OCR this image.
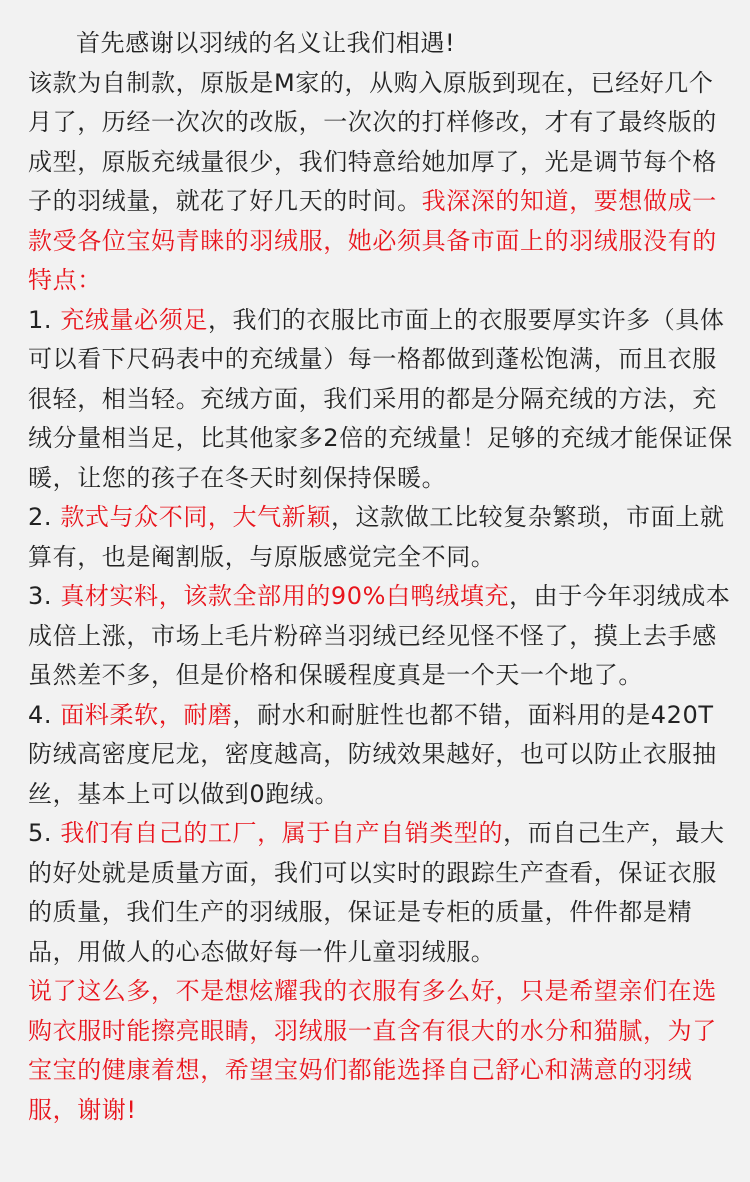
首先感谢以羽绒的名义让我们相遇!

该款为自制款，原版是M家的，从购入原版到现在，已经好几个月了，历经一次次的改版，一次次的打样修改，才有了最终版的成型，原版充绒量很少，我们特意给她加厚了，光是调节每个格子的羽绒量，就花了好几天的时间。我深深的知道，要想做成一款受各位宝妈青睐的羽绒服，她必须具备市面上的羽绒服没有的特点：

1. 充绒量必须足，我们的衣服比市面上的衣服要厚实许多（具体可以看下尺码表中的充绒量）每一格都做到蓬松饱满，而且衣服很轻，相当轻。充绒方面，我们采用的都是分隔充绒的方法，充绒分量相当足，比其他家多2倍的充绒量！足够的充绒才能保证保暖，让您的孩子在冬天时刻保持保暖。

2. 款式与众不同，大气新颖，这款做工比较复杂繁琐，市面上就算有，也是阉割版，与原版感觉完全不同。

3. 真材实料，该款全部用的90%白鸭绒填充，由于今年羽绒成本成倍上涨，市场上毛片粉碎当羽绒已经见怪不怪了，摸上去手感虽然差不多，但是价格和保暖程度真是一个天一个地了。

4. 面料柔软，耐磨，耐水和耐脏性也都不错，面料用的是420T防绒高密度尼龙，密度越高，防绒效果越好，也可以防止衣服抽丝，基本上可以做到0跑绒。

5. 我们有自己的工厂，属于自产自销类型的，而自己生产，最大的好处就是质量方面，我们可以实时的跟踪生产查看，保证衣服的质量，我们生产的羽绒服，保证是专柜的质量，件件都是精品，用做人的心态做好每一件儿童羽绒服。

说了这么多，不是想炫耀我的衣服有多么好，只是希望亲们在选购衣服时能擦亮眼睛，羽绒服一直含有很大的水分和猫腻，为了宝宝的健康着想，希望宝妈们都能选择自己舒心和满意的羽绒服，谢谢!
